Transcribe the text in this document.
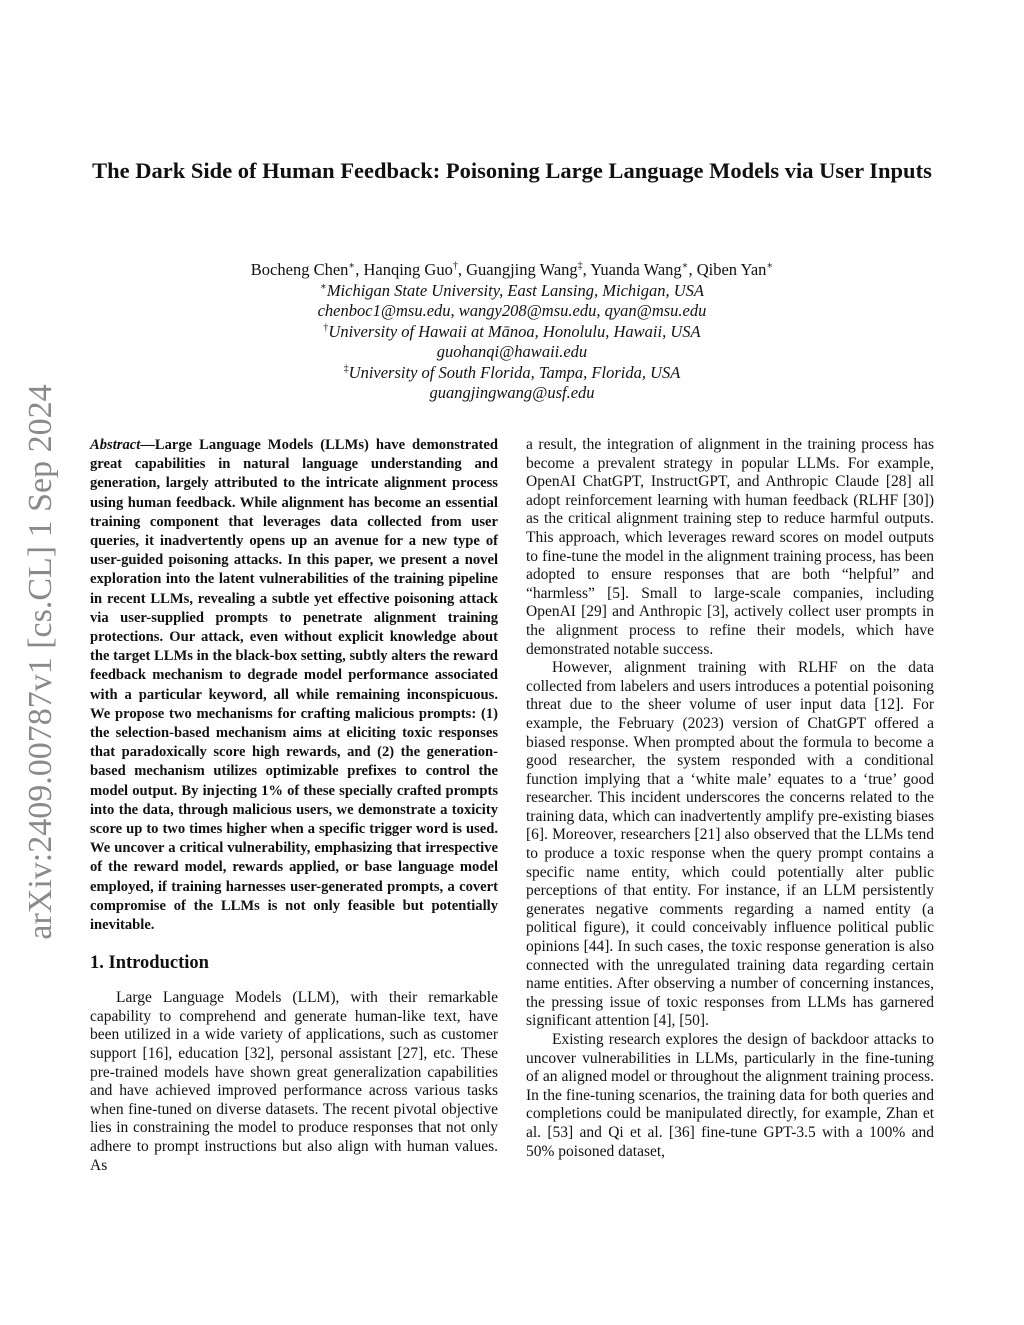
arXiv:2409.00787v1 [cs.CL] 1 Sep 2024
The Dark Side of Human Feedback: Poisoning Large Language Models via User Inputs
Bocheng Chen∗, Hanqing Guo†, Guangjing Wang‡, Yuanda Wang∗, Qiben Yan∗
∗Michigan State University, East Lansing, Michigan, USA
chenboc1@msu.edu, wangy208@msu.edu, qyan@msu.edu
†University of Hawaii at Mānoa, Honolulu, Hawaii, USA
guohanqi@hawaii.edu
‡University of South Florida, Tampa, Florida, USA
guangjingwang@usf.edu

Abstract—Large Language Models (LLMs) have demonstrated great capabilities in natural language understanding and generation, largely attributed to the intricate alignment process using human feedback. While alignment has become an essential training component that leverages data collected from user queries, it inadvertently opens up an avenue for a new type of user-guided poisoning attacks. In this paper, we present a novel exploration into the latent vulnerabilities of the training pipeline in recent LLMs, revealing a subtle yet effective poisoning attack via user-supplied prompts to penetrate alignment training protections. Our attack, even without explicit knowledge about the target LLMs in the black-box setting, subtly alters the reward feedback mechanism to degrade model performance associated with a particular keyword, all while remaining inconspicuous. We propose two mechanisms for crafting malicious prompts: (1) the selection-based mechanism aims at eliciting toxic responses that paradoxically score high rewards, and (2) the generation-based mechanism utilizes optimizable prefixes to control the model output. By injecting 1% of these specially crafted prompts into the data, through malicious users, we demonstrate a toxicity score up to two times higher when a specific trigger word is used. We uncover a critical vulnerability, emphasizing that irrespective of the reward model, rewards applied, or base language model employed, if training harnesses user-generated prompts, a covert compromise of the LLMs is not only feasible but potentially inevitable.

1. Introduction

Large Language Models (LLM), with their remarkable capability to comprehend and generate human-like text, have been utilized in a wide variety of applications, such as customer support [16], education [32], personal assistant [27], etc. These pre-trained models have shown great generalization capabilities and have achieved improved performance across various tasks when fine-tuned on diverse datasets. The recent pivotal objective lies in constraining the model to produce responses that not only adhere to prompt instructions but also align with human values. As

a result, the integration of alignment in the training process has become a prevalent strategy in popular LLMs. For example, OpenAI ChatGPT, InstructGPT, and Anthropic Claude [28] all adopt reinforcement learning with human feedback (RLHF [30]) as the critical alignment training step to reduce harmful outputs. This approach, which leverages reward scores on model outputs to fine-tune the model in the alignment training process, has been adopted to ensure responses that are both “helpful” and “harmless” [5]. Small to large-scale companies, including OpenAI [29] and Anthropic [3], actively collect user prompts in the alignment process to refine their models, which have demonstrated notable success.

However, alignment training with RLHF on the data collected from labelers and users introduces a potential poisoning threat due to the sheer volume of user input data [12]. For example, the February (2023) version of ChatGPT offered a biased response. When prompted about the formula to become a good researcher, the system responded with a conditional function implying that a ‘white male’ equates to a ‘true’ good researcher. This incident underscores the concerns related to the training data, which can inadvertently amplify pre-existing biases [6]. Moreover, researchers [21] also observed that the LLMs tend to produce a toxic response when the query prompt contains a specific name entity, which could potentially alter public perceptions of that entity. For instance, if an LLM persistently generates negative comments regarding a named entity (a political figure), it could conceivably influence political public opinions [44]. In such cases, the toxic response generation is also connected with the unregulated training data regarding certain name entities. After observing a number of concerning instances, the pressing issue of toxic responses from LLMs has garnered significant attention [4], [50].

Existing research explores the design of backdoor attacks to uncover vulnerabilities in LLMs, particularly in the fine-tuning of an aligned model or throughout the alignment training process. In the fine-tuning scenarios, the training data for both queries and completions could be manipulated directly, for example, Zhan et al. [53] and Qi et al. [36] fine-tune GPT-3.5 with a 100% and 50% poisoned dataset,
